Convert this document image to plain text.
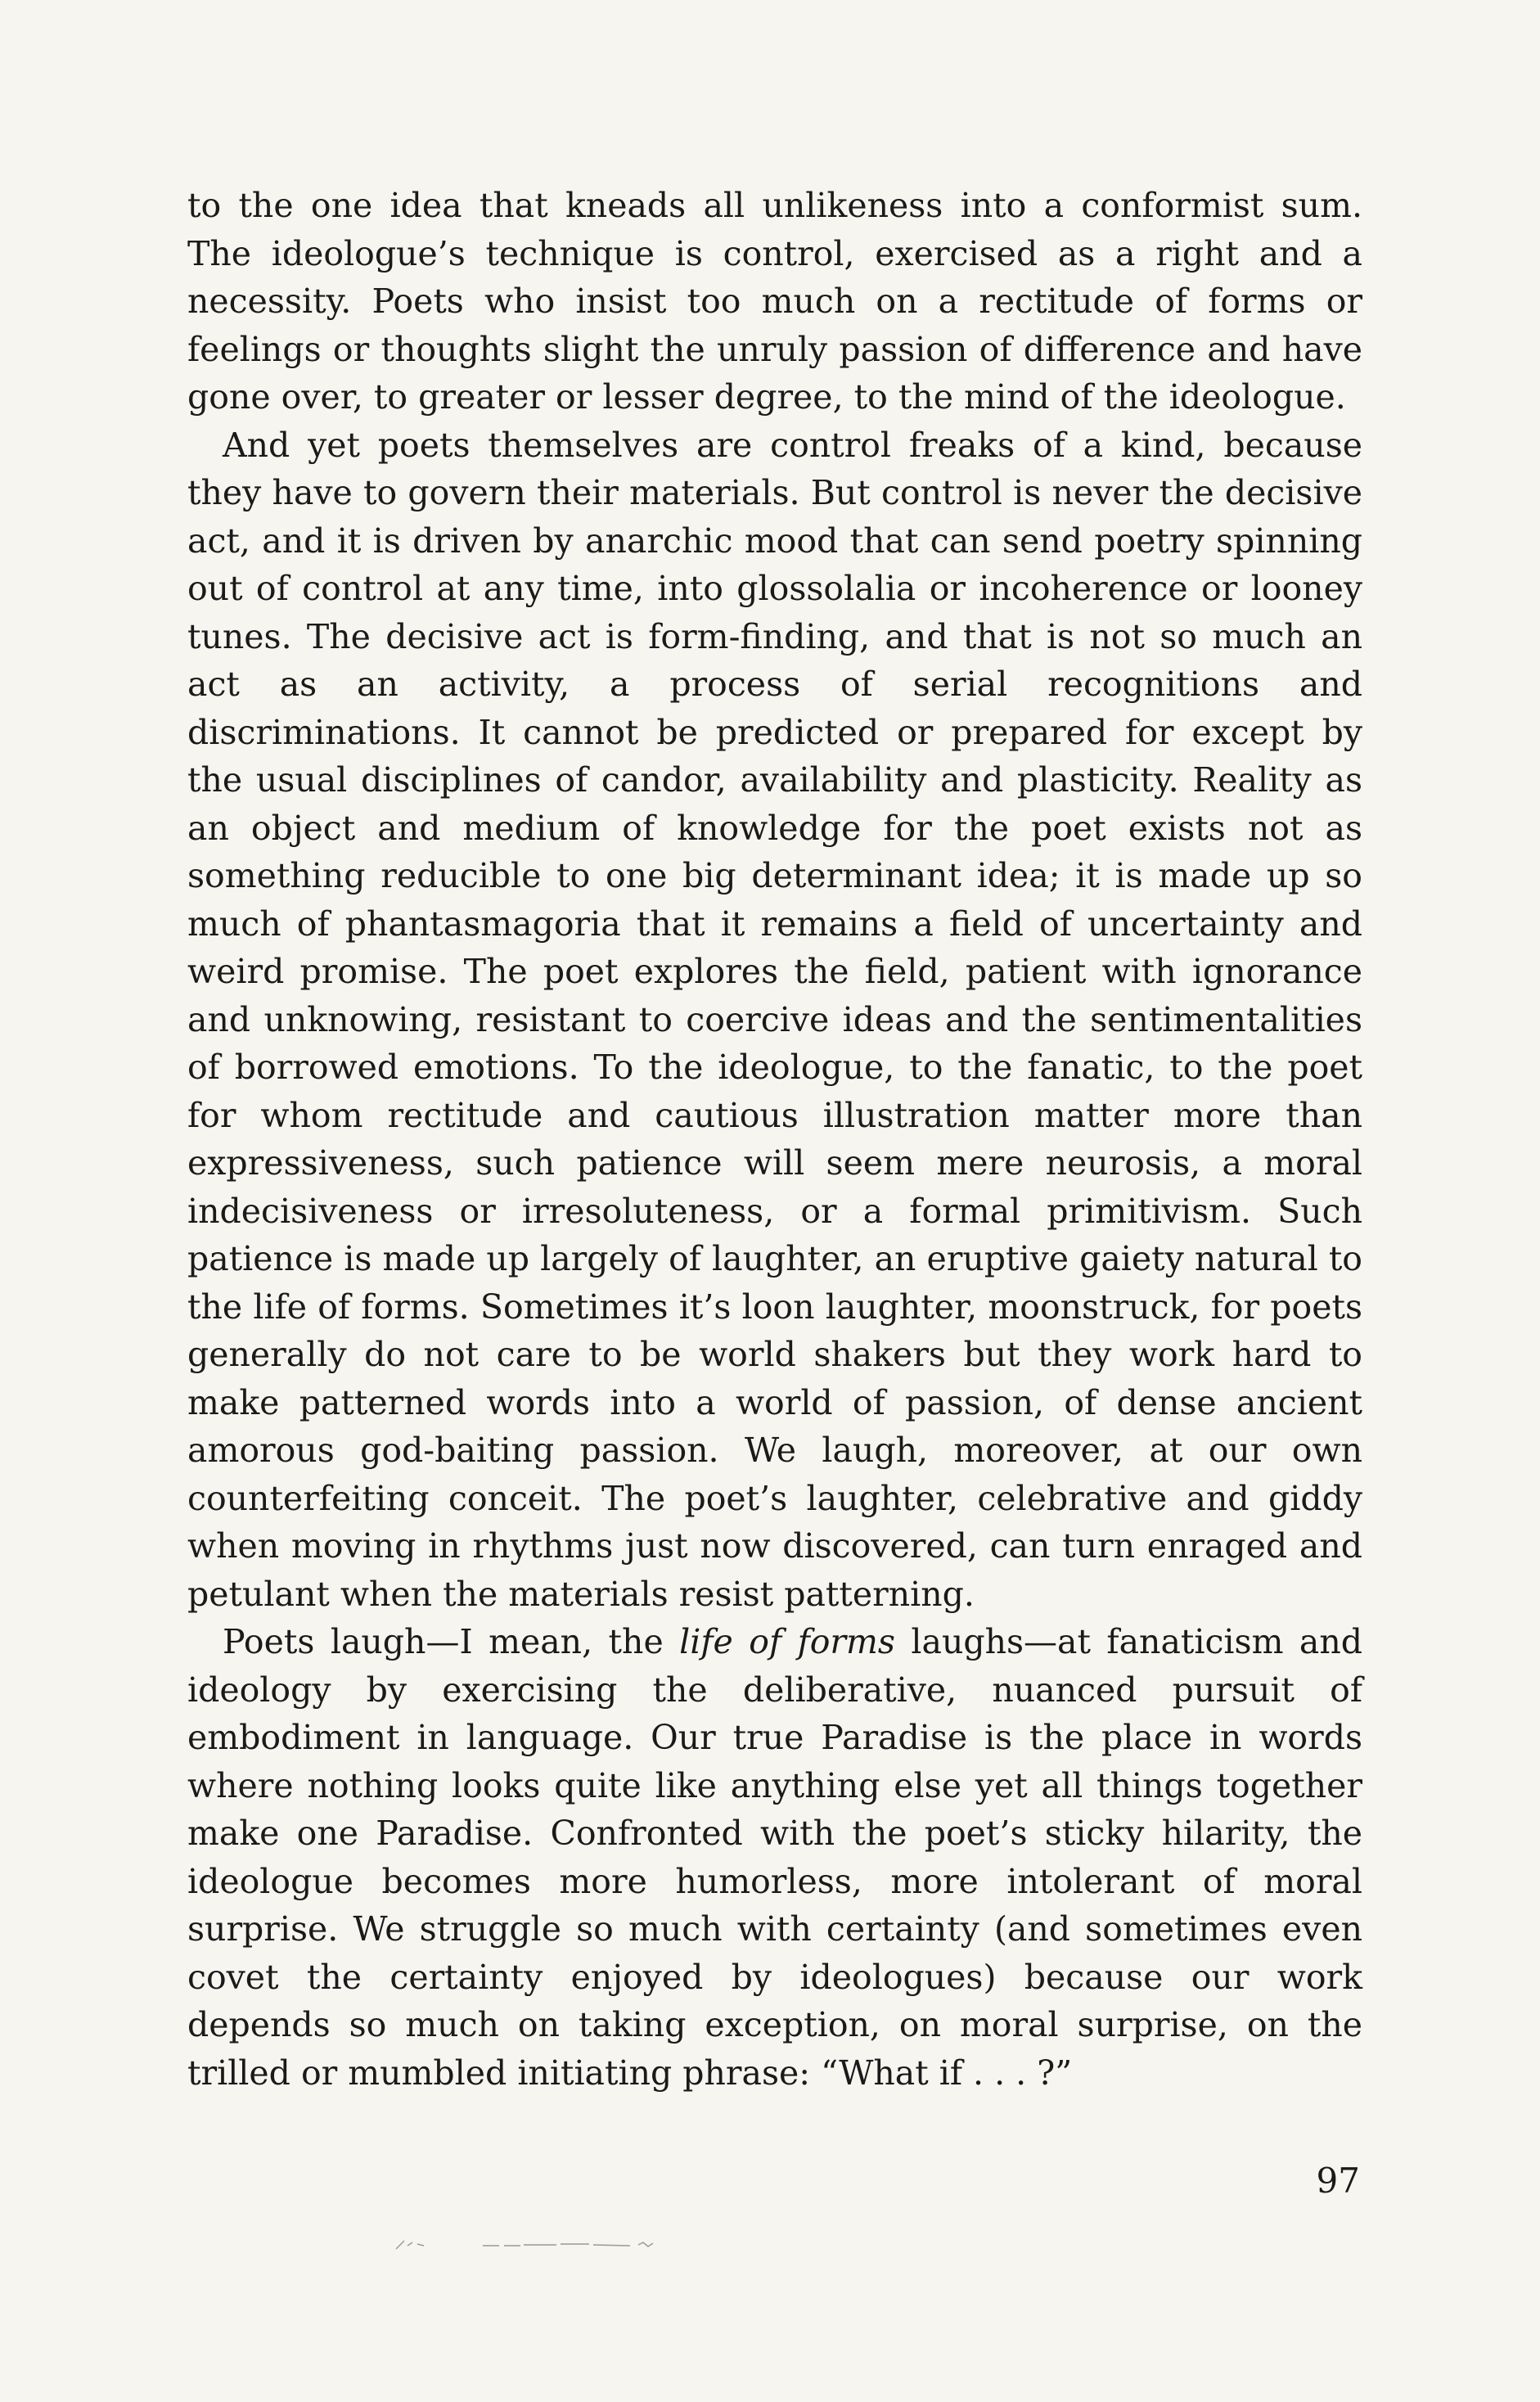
to the one idea that kneads all unlikeness into a conformist sum. The ideologue’s technique is control, exercised as a right and a necessity. Poets who insist too much on a rectitude of forms or feelings or thoughts slight the unruly passion of difference and have gone over, to greater or lesser degree, to the mind of the ideologue.

And yet poets themselves are control freaks of a kind, because they have to govern their materials. But control is never the decisive act, and it is driven by anarchic mood that can send poetry spinning out of control at any time, into glossolalia or incoherence or looney tunes. The decisive act is form-finding, and that is not so much an act as an activity, a process of serial recognitions and discriminations. It cannot be predicted or prepared for except by the usual disciplines of candor, availability and plasticity. Reality as an object and medium of knowledge for the poet exists not as something reducible to one big determinant idea; it is made up so much of phantasmagoria that it remains a field of uncertainty and weird promise. The poet explores the field, patient with ignorance and unknowing, resistant to coercive ideas and the sentimentalities of borrowed emotions. To the ideologue, to the fanatic, to the poet for whom rectitude and cautious illustration matter more than expressiveness, such patience will seem mere neurosis, a moral indecisiveness or irresoluteness, or a formal primitivism. Such patience is made up largely of laughter, an eruptive gaiety natural to the life of forms. Sometimes it’s loon laughter, moonstruck, for poets generally do not care to be world shakers but they work hard to make patterned words into a world of passion, of dense ancient amorous god-baiting passion. We laugh, moreover, at our own counterfeiting conceit. The poet’s laughter, celebrative and giddy when moving in rhythms just now discovered, can turn enraged and petulant when the materials resist patterning.

Poets laugh—I mean, the life of forms laughs—at fanaticism and ideology by exercising the deliberative, nuanced pursuit of embodiment in language. Our true Paradise is the place in words where nothing looks quite like anything else yet all things together make one Paradise. Confronted with the poet’s sticky hilarity, the ideologue becomes more humorless, more intolerant of moral surprise. We struggle so much with certainty (and sometimes even covet the certainty enjoyed by ideologues) because our work depends so much on taking exception, on moral surprise, on the trilled or mumbled initiating phrase: “What if . . . ?”

97
